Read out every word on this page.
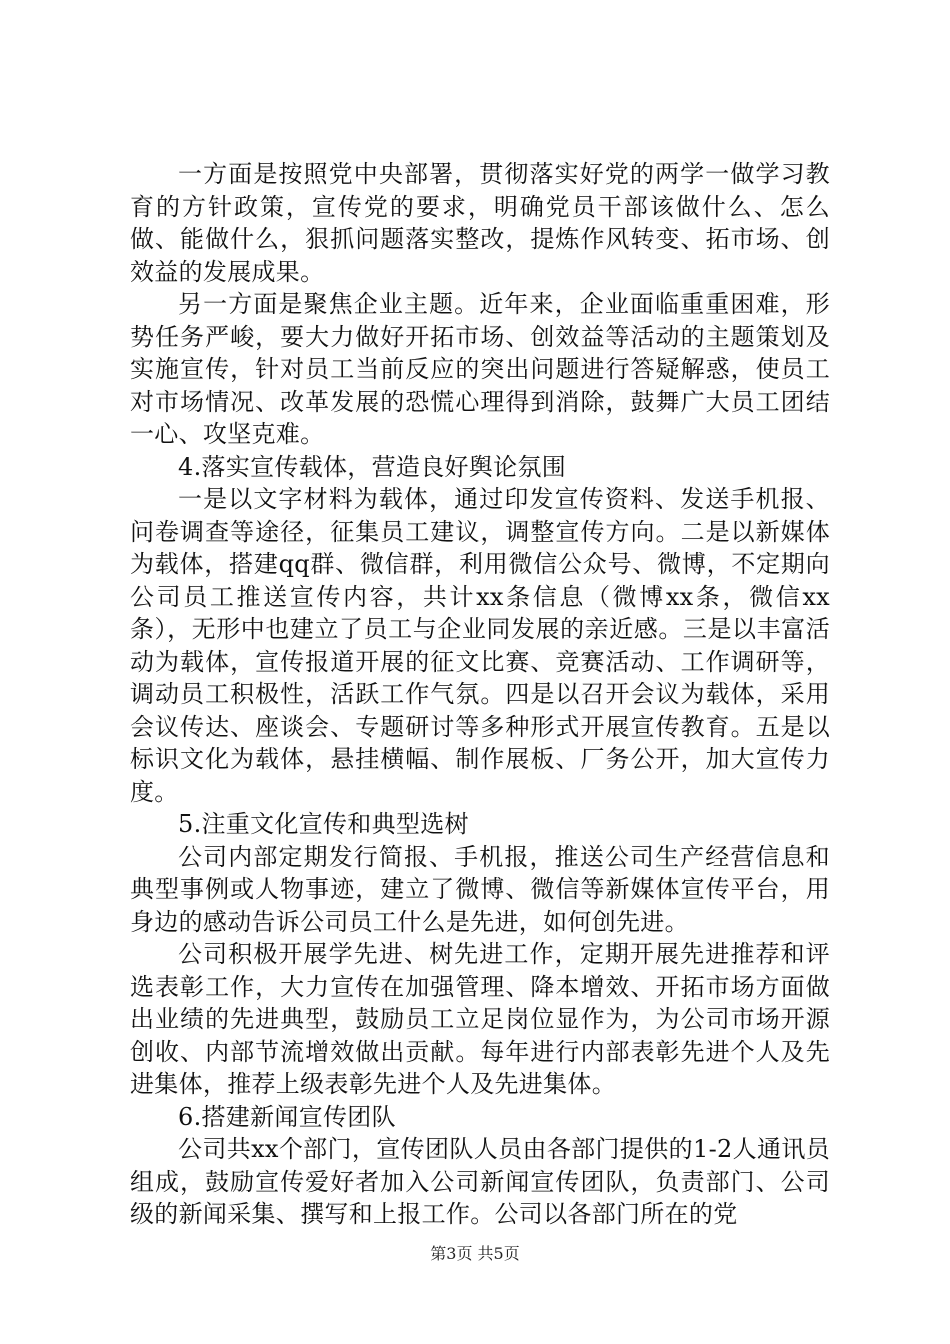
一方面是按照党中央部署，贯彻落实好党的两学一做学习教育的方针政策，宣传党的要求，明确党员干部该做什么、怎么做、能做什么，狠抓问题落实整改，提炼作风转变、拓市场、创效益的发展成果。

另一方面是聚焦企业主题。近年来，企业面临重重困难，形势任务严峻，要大力做好开拓市场、创效益等活动的主题策划及实施宣传，针对员工当前反应的突出问题进行答疑解惑，使员工对市场情况、改革发展的恐慌心理得到消除，鼓舞广大员工团结一心、攻坚克难。

4.落实宣传载体，营造良好舆论氛围

一是以文字材料为载体，通过印发宣传资料、发送手机报、问卷调查等途径，征集员工建议，调整宣传方向。二是以新媒体为载体，搭建qq群、微信群，利用微信公众号、微博，不定期向公司员工推送宣传内容，共计xx条信息（微博xx条，微信xx条），无形中也建立了员工与企业同发展的亲近感。三是以丰富活动为载体，宣传报道开展的征文比赛、竞赛活动、工作调研等，调动员工积极性，活跃工作气氛。四是以召开会议为载体，采用会议传达、座谈会、专题研讨等多种形式开展宣传教育。五是以标识文化为载体，悬挂横幅、制作展板、厂务公开，加大宣传力度。

5.注重文化宣传和典型选树

公司内部定期发行简报、手机报，推送公司生产经营信息和典型事例或人物事迹，建立了微博、微信等新媒体宣传平台，用身边的感动告诉公司员工什么是先进，如何创先进。

公司积极开展学先进、树先进工作，定期开展先进推荐和评选表彰工作，大力宣传在加强管理、降本增效、开拓市场方面做出业绩的先进典型，鼓励员工立足岗位显作为，为公司市场开源创收、内部节流增效做出贡献。每年进行内部表彰先进个人及先进集体，推荐上级表彰先进个人及先进集体。

6.搭建新闻宣传团队

公司共xx个部门，宣传团队人员由各部门提供的1-2人通讯员组成，鼓励宣传爱好者加入公司新闻宣传团队，负责部门、公司级的新闻采集、撰写和上报工作。公司以各部门所在的党

第3页 共5页
